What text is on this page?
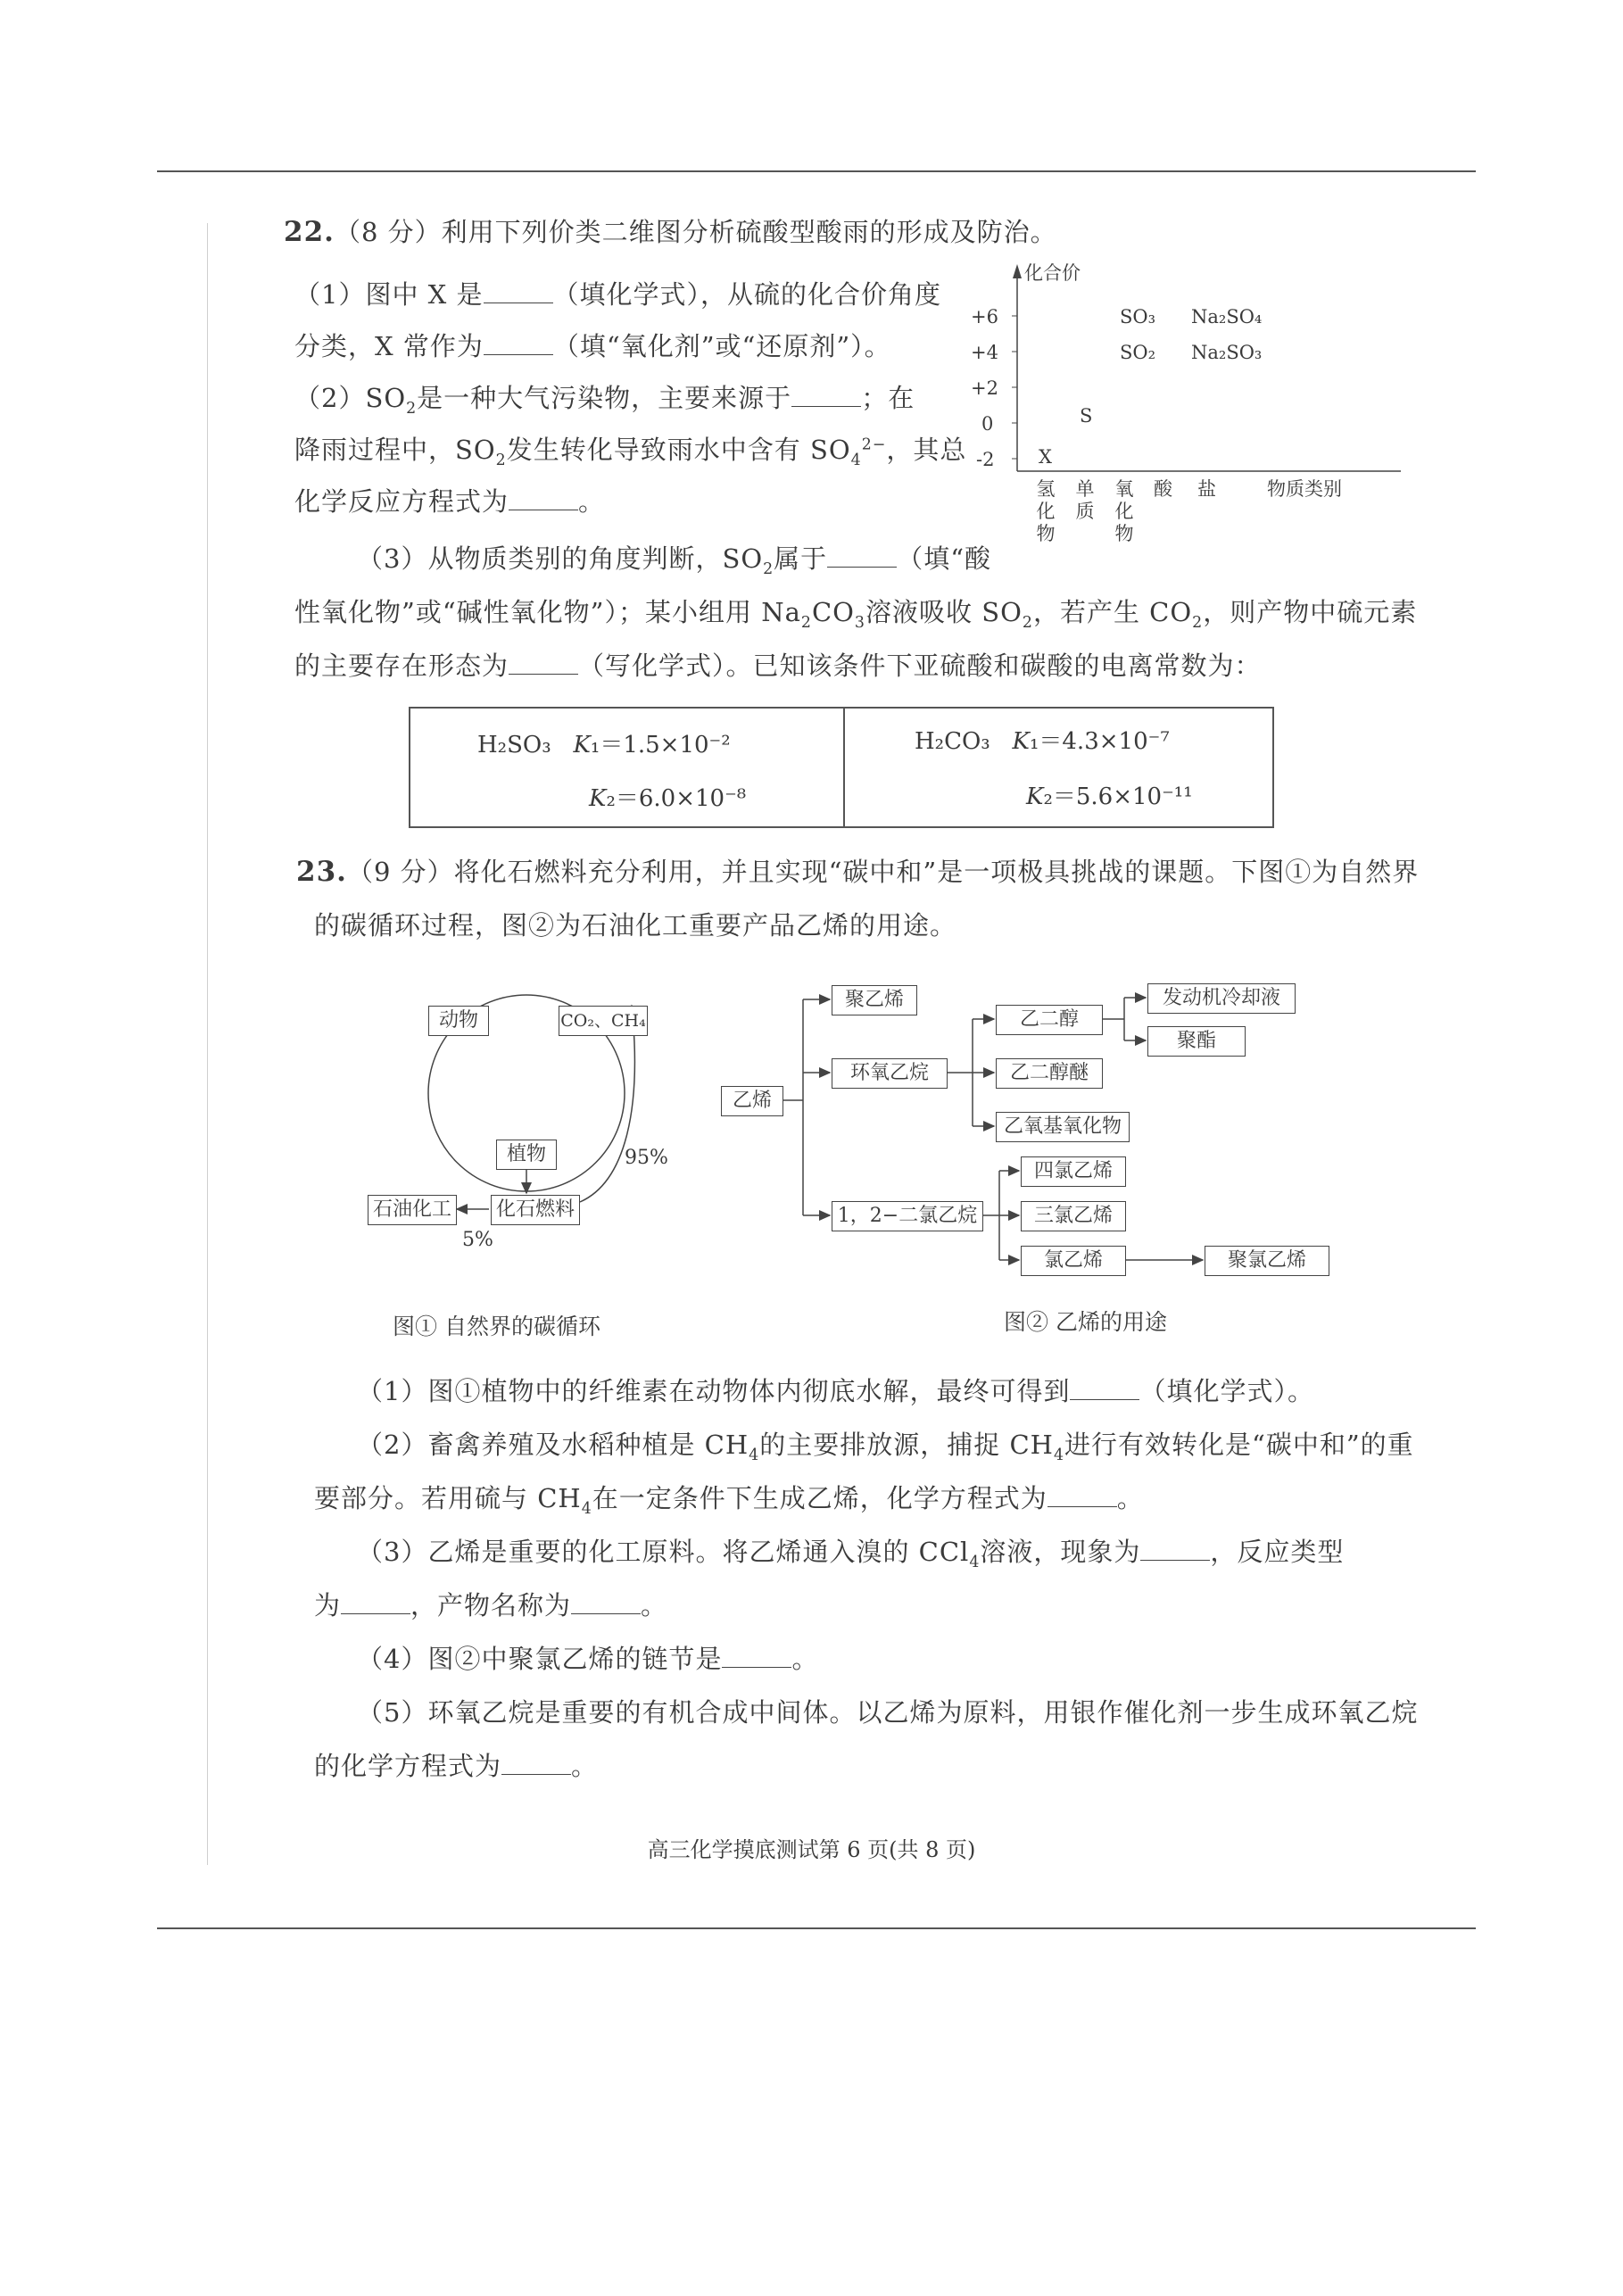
22.（8 分）利用下列价类二维图分析硫酸型酸雨的形成及防治。
（1）图中 X 是	（填化学式），从硫的化合价角度
分类，X 常作为	（填“氧化剂”或“还原剂”）。
$(2)SO_2$是一种大气污染物，主要来源于	；在
降雨过程中，$SO_2$发生转化导致雨水中含有 $SO_4^{2-}$，其总
化学反应方程式为	。
（3）从物质类别的角度判断，$SO_2$属于	（填“酸
性氧化物”或“碱性氧化物”）；某小组用 $Na_2CO_3$溶液吸收 $SO_2$，若产生 $CO_2$，则产物中硫元素
的主要存在形态为	（写化学式）。已知该条件下亚硫酸和碳酸的电离常数为：
化合价
+6
+4
+2
0
-2
SO₃ Na₂SO₄
SO₂ Na₂SO₃
S
X
氢化物
单质
氧化物
酸 盐	物质类别
H₂SO₃ K₁＝1.5×10⁻²
K₂＝6.0×10⁻⁸
H₂CO₃ K₁＝4.3×10⁻⁷
K₂＝5.6×10⁻¹¹
23.（9 分）将化石燃料充分利用，并且实现“碳中和”是一项极具挑战的课题。下图①为自然界
的碳循环过程，图②为石油化工重要产品乙烯的用途。
动物	CO₂、CH₄
植物
化石燃料
石油化工
95%
5%
图① 自然界的碳循环
乙烯
聚乙烯
环氧乙烷
1，2−二氯乙烷
乙二醇
乙二醇醚
乙氧基氧化物
发动机冷却液
聚酯
四氯乙烯
三氯乙烯
氯乙烯	聚氯乙烯
图② 乙烯的用途
（1）图①植物中的纤维素在动物体内彻底水解，最终可得到	（填化学式）。
（2）畜禽养殖及水稻种植是 $CH_4$的主要排放源，捕捉 $CH_4$进行有效转化是“碳中和”的重
要部分。若用硫与 $CH_4$在一定条件下生成乙烯，化学方程式为	。
（3）乙烯是重要的化工原料。将乙烯通入溴的 CCl$_4$溶液，现象为	，反应类型
为	，产物名称为	。
（4）图②中聚氯乙烯的链节是	。
（5）环氧乙烷是重要的有机合成中间体。以乙烯为原料，用银作催化剂一步生成环氧乙烷
的化学方程式为	。
高三化学摸底测试第 6 页(共 8 页)
